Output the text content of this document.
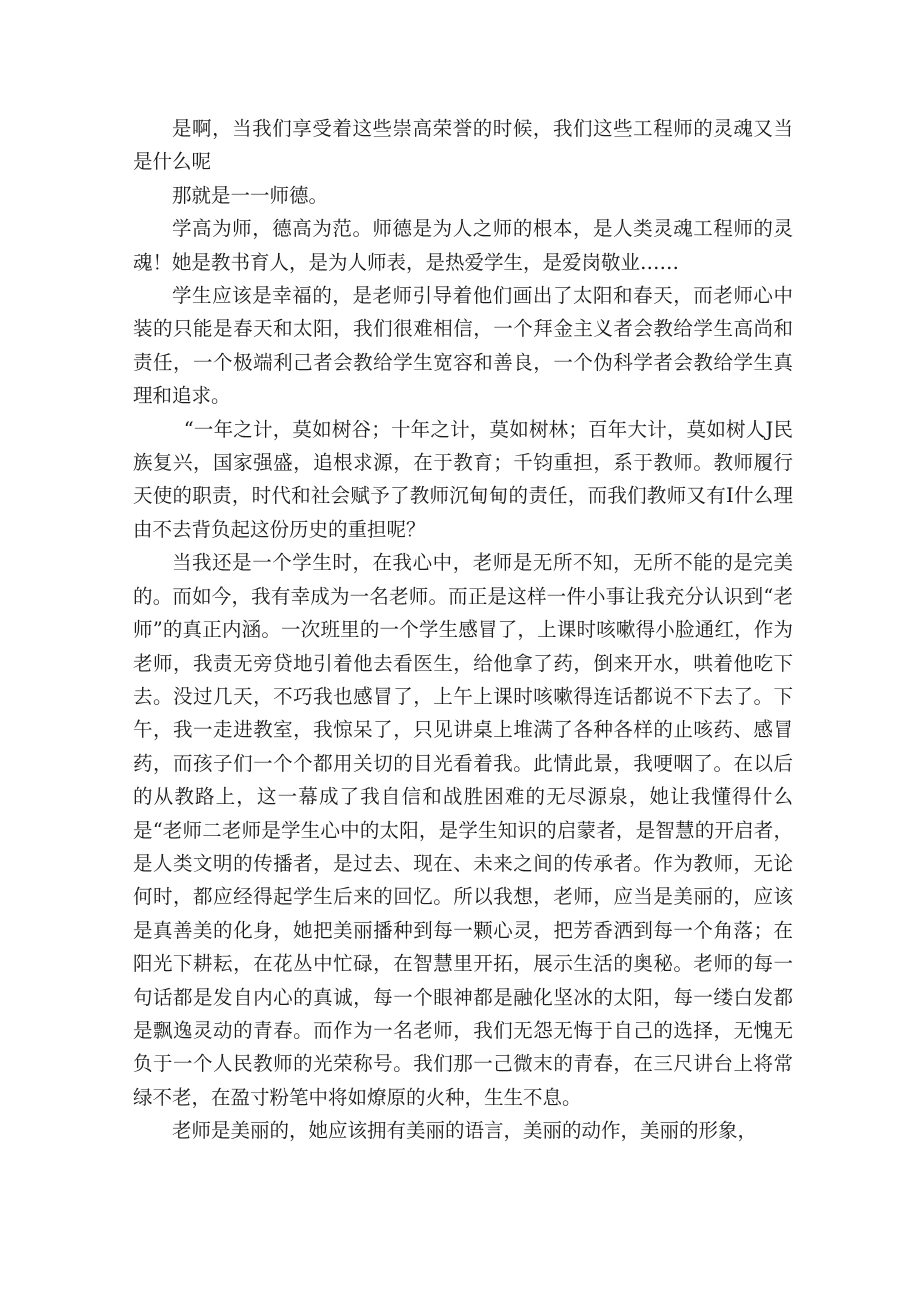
是啊，当我们享受着这些崇高荣誉的时候，我们这些工程师的灵魂又当是什么呢

那就是一一师德。

学高为师，德高为范。师德是为人之师的根本，是人类灵魂工程师的灵魂！她是教书育人，是为人师表，是热爱学生，是爱岗敬业……

学生应该是幸福的，是老师引导着他们画出了太阳和春天，而老师心中装的只能是春天和太阳，我们很难相信，一个拜金主义者会教给学生高尚和责任，一个极端利己者会教给学生宽容和善良，一个伪科学者会教给学生真理和追求。

“一年之计，莫如树谷；十年之计，莫如树林；百年大计，莫如树人J民族复兴，国家强盛，追根求源，在于教育；千钧重担，系于教师。教师履行天使的职责，时代和社会赋予了教师沉甸甸的责任，而我们教师又有I什么理由不去背负起这份历史的重担呢？

当我还是一个学生时，在我心中，老师是无所不知，无所不能的是完美的。而如今，我有幸成为一名老师。而正是这样一件小事让我充分认识到“老师”的真正内涵。一次班里的一个学生感冒了，上课时咳嗽得小脸通红，作为老师，我责无旁贷地引着他去看医生，给他拿了药，倒来开水，哄着他吃下去。没过几天，不巧我也感冒了，上午上课时咳嗽得连话都说不下去了。下午，我一走进教室，我惊呆了，只见讲桌上堆满了各种各样的止咳药、感冒药，而孩子们一个个都用关切的目光看着我。此情此景，我哽咽了。在以后的从教路上，这一幕成了我自信和战胜困难的无尽源泉，她让我懂得什么是“老师二老师是学生心中的太阳，是学生知识的启蒙者，是智慧的开启者，是人类文明的传播者，是过去、现在、未来之间的传承者。作为教师，无论何时，都应经得起学生后来的回忆。所以我想，老师，应当是美丽的，应该是真善美的化身，她把美丽播种到每一颗心灵，把芳香洒到每一个角落；在阳光下耕耘，在花丛中忙碌，在智慧里开拓，展示生活的奥秘。老师的每一句话都是发自内心的真诚，每一个眼神都是融化坚冰的太阳，每一缕白发都是飘逸灵动的青春。而作为一名老师，我们无怨无悔于自己的选择，无愧无负于一个人民教师的光荣称号。我们那一己微末的青春，在三尺讲台上将常绿不老，在盈寸粉笔中将如燎原的火种，生生不息。

老师是美丽的，她应该拥有美丽的语言，美丽的动作，美丽的形象，
